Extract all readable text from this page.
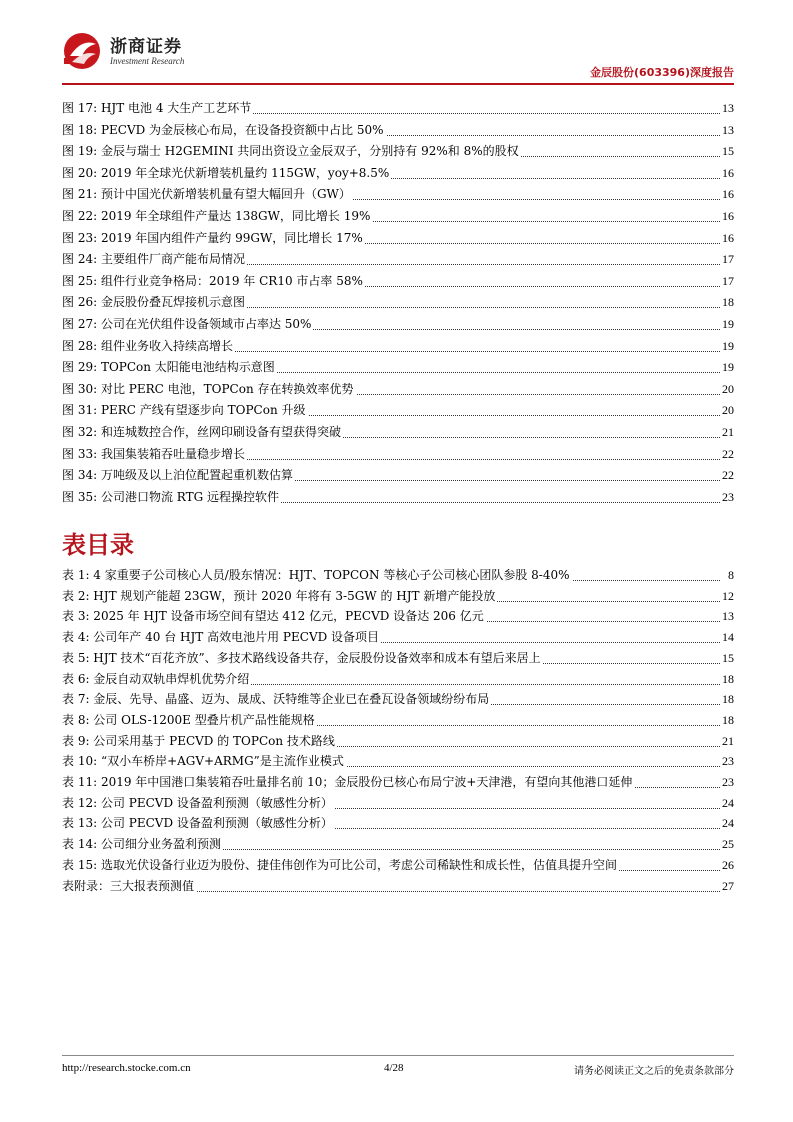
浙商证券
Investment Research
金辰股份(603396)深度报告
图 17: HJT 电池 4 大生产工艺环节	13
图 18: PECVD 为金辰核心布局，在设备投资额中占比 50%	13
图 19: 金辰与瑞士 H2GEMINI 共同出资设立金辰双子，分别持有 92%和 8%的股权	15
图 20: 2019 年全球光伏新增装机量约 115GW，yoy+8.5%	16
图 21: 预计中国光伏新增装机量有望大幅回升（GW）	16
图 22: 2019 年全球组件产量达 138GW，同比增长 19%	16
图 23: 2019 年国内组件产量约 99GW，同比增长 17%	16
图 24: 主要组件厂商产能布局情况	17
图 25: 组件行业竞争格局：2019 年 CR10 市占率 58%	17
图 26: 金辰股份叠瓦焊接机示意图	18
图 27: 公司在光伏组件设备领域市占率达 50%	19
图 28: 组件业务收入持续高增长	19
图 29: TOPCon 太阳能电池结构示意图	19
图 30: 对比 PERC 电池，TOPCon 存在转换效率优势	20
图 31: PERC 产线有望逐步向 TOPCon 升级	20
图 32: 和连城数控合作，丝网印刷设备有望获得突破	21
图 33: 我国集装箱吞吐量稳步增长	22
图 34: 万吨级及以上泊位配置起重机数估算	22
图 35: 公司港口物流 RTG 远程操控软件	23
表目录
表 1: 4 家重要子公司核心人员/股东情况：HJT、TOPCON 等核心子公司核心团队参股 8-40%	8
表 2: HJT 规划产能超 23GW，预计 2020 年将有 3-5GW 的 HJT 新增产能投放	12
表 3: 2025 年 HJT 设备市场空间有望达 412 亿元，PECVD 设备达 206 亿元	13
表 4: 公司年产 40 台 HJT 高效电池片用 PECVD 设备项目	14
表 5: HJT 技术“百花齐放”、多技术路线设备共存，金辰股份设备效率和成本有望后来居上	15
表 6: 金辰自动双轨串焊机优势介绍	18
表 7: 金辰、先导、晶盛、迈为、晟成、沃特维等企业已在叠瓦设备领域纷纷布局	18
表 8: 公司 OLS-1200E 型叠片机产品性能规格	18
表 9: 公司采用基于 PECVD 的 TOPCon 技术路线	21
表 10: “双小车桥岸+AGV+ARMG”是主流作业模式	23
表 11: 2019 年中国港口集装箱吞吐量排名前 10；金辰股份已核心布局宁波+天津港，有望向其他港口延伸	23
表 12: 公司 PECVD 设备盈利预测（敏感性分析）	24
表 13: 公司 PECVD 设备盈利预测（敏感性分析）	24
表 14: 公司细分业务盈利预测	25
表 15: 选取光伏设备行业迈为股份、捷佳伟创作为可比公司，考虑公司稀缺性和成长性，估值具提升空间	26
表附录：三大报表预测值	27
http://research.stocke.com.cn	4/28	请务必阅读正文之后的免责条款部分
